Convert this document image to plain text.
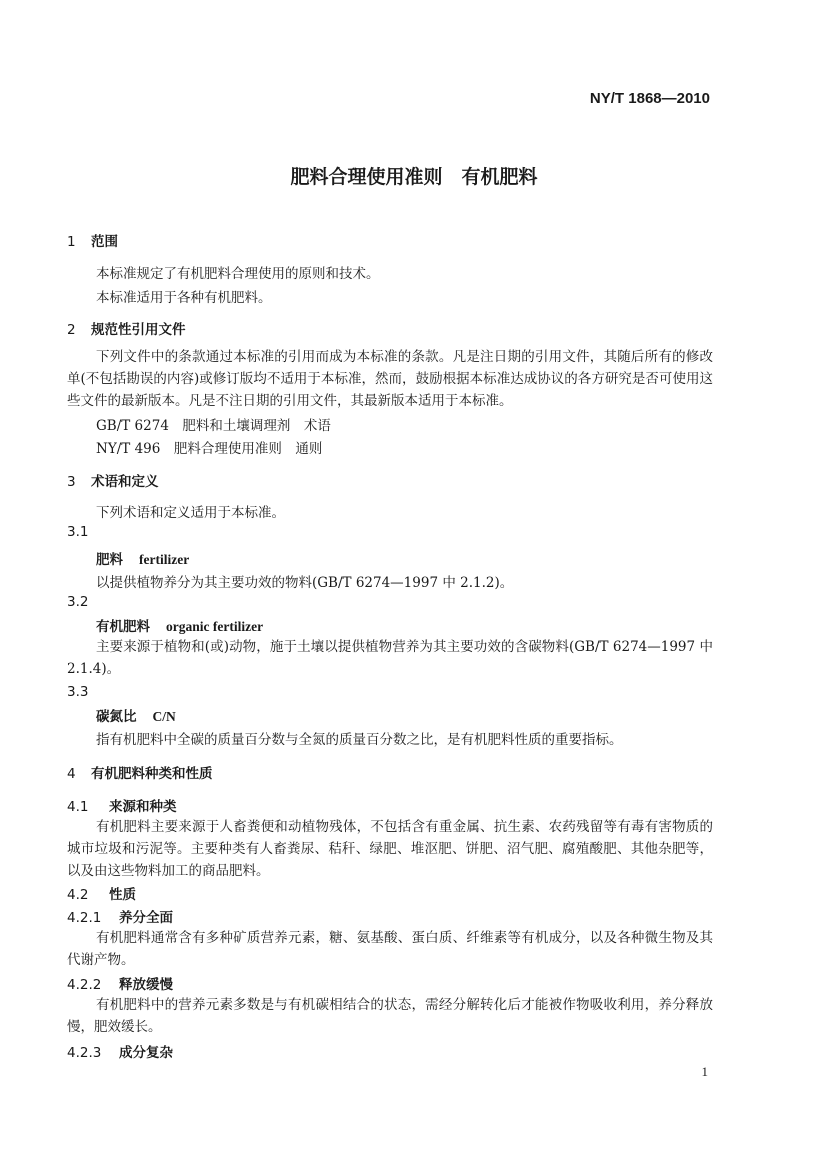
NY/T 1868—2010
肥料合理使用准则　有机肥料
1 范围
本标准规定了有机肥料合理使用的原则和技术。
本标准适用于各种有机肥料。
2 规范性引用文件
下列文件中的条款通过本标准的引用而成为本标准的条款。凡是注日期的引用文件，其随后所有的修改单(不包括勘误的内容)或修订版均不适用于本标准，然而，鼓励根据本标准达成协议的各方研究是否可使用这些文件的最新版本。凡是不注日期的引用文件，其最新版本适用于本标准。
GB/T 6274　肥料和土壤调理剂　术语
NY/T 496　肥料合理使用准则　通则
3 术语和定义
下列术语和定义适用于本标准。
3.1
肥料 fertilizer
以提供植物养分为其主要功效的物料(GB/T 6274—1997 中 2.1.2)。
3.2
有机肥料 organic fertilizer
主要来源于植物和(或)动物，施于土壤以提供植物营养为其主要功效的含碳物料(GB/T 6274—1997 中 2.1.4)。
3.3
碳氮比 C/N
指有机肥料中全碳的质量百分数与全氮的质量百分数之比，是有机肥料性质的重要指标。
4 有机肥料种类和性质
4.1 来源和种类
有机肥料主要来源于人畜粪便和动植物残体，不包括含有重金属、抗生素、农药残留等有毒有害物质的城市垃圾和污泥等。主要种类有人畜粪尿、秸秆、绿肥、堆沤肥、饼肥、沼气肥、腐殖酸肥、其他杂肥等，以及由这些物料加工的商品肥料。
4.2 性质
4.2.1 养分全面
有机肥料通常含有多种矿质营养元素，糖、氨基酸、蛋白质、纤维素等有机成分，以及各种微生物及其代谢产物。
4.2.2 释放缓慢
有机肥料中的营养元素多数是与有机碳相结合的状态，需经分解转化后才能被作物吸收利用，养分释放慢，肥效缓长。
4.2.3 成分复杂
1
